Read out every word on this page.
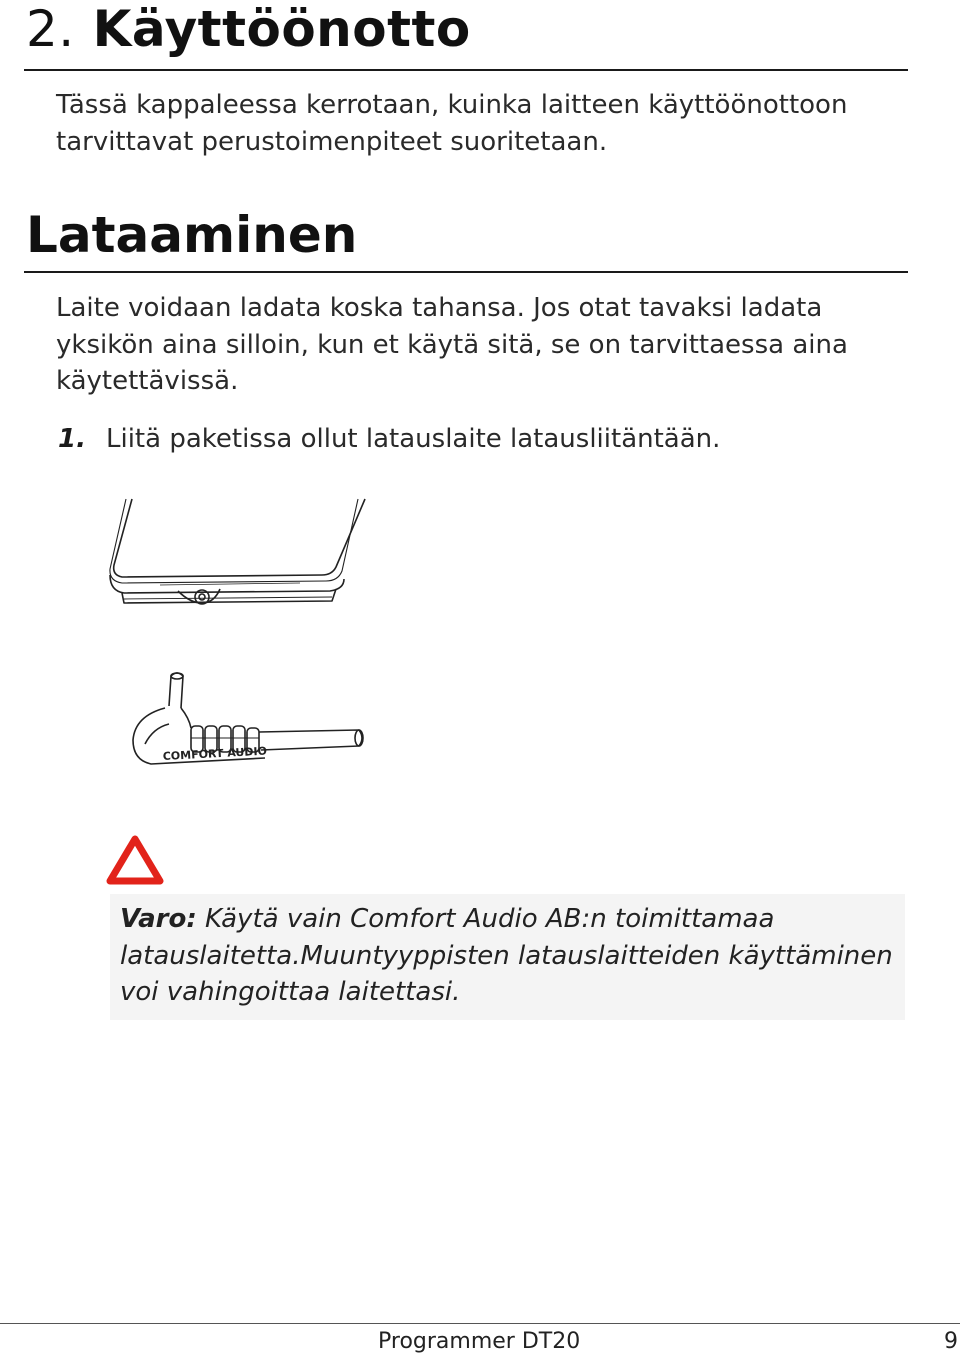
2. Käyttöönotto
Tässä kappaleessa kerrotaan, kuinka laitteen käyttöönottoon
tarvittavat perustoimenpiteet suoritetaan.
Lataaminen
Laite voidaan ladata koska tahansa. Jos otat tavaksi ladata
yksikön aina silloin, kun et käytä sitä, se on tarvittaessa aina
käytettävissä.
1. Liitä paketissa ollut latauslaite latausliitäntään.
COMFORT AUDIO
Varo: Käytä vain Comfort Audio AB:n toimittamaa
latauslaitetta.Muuntyyppisten latauslaitteiden käyttäminen
voi vahingoittaa laitettasi.
Programmer DT20	9
